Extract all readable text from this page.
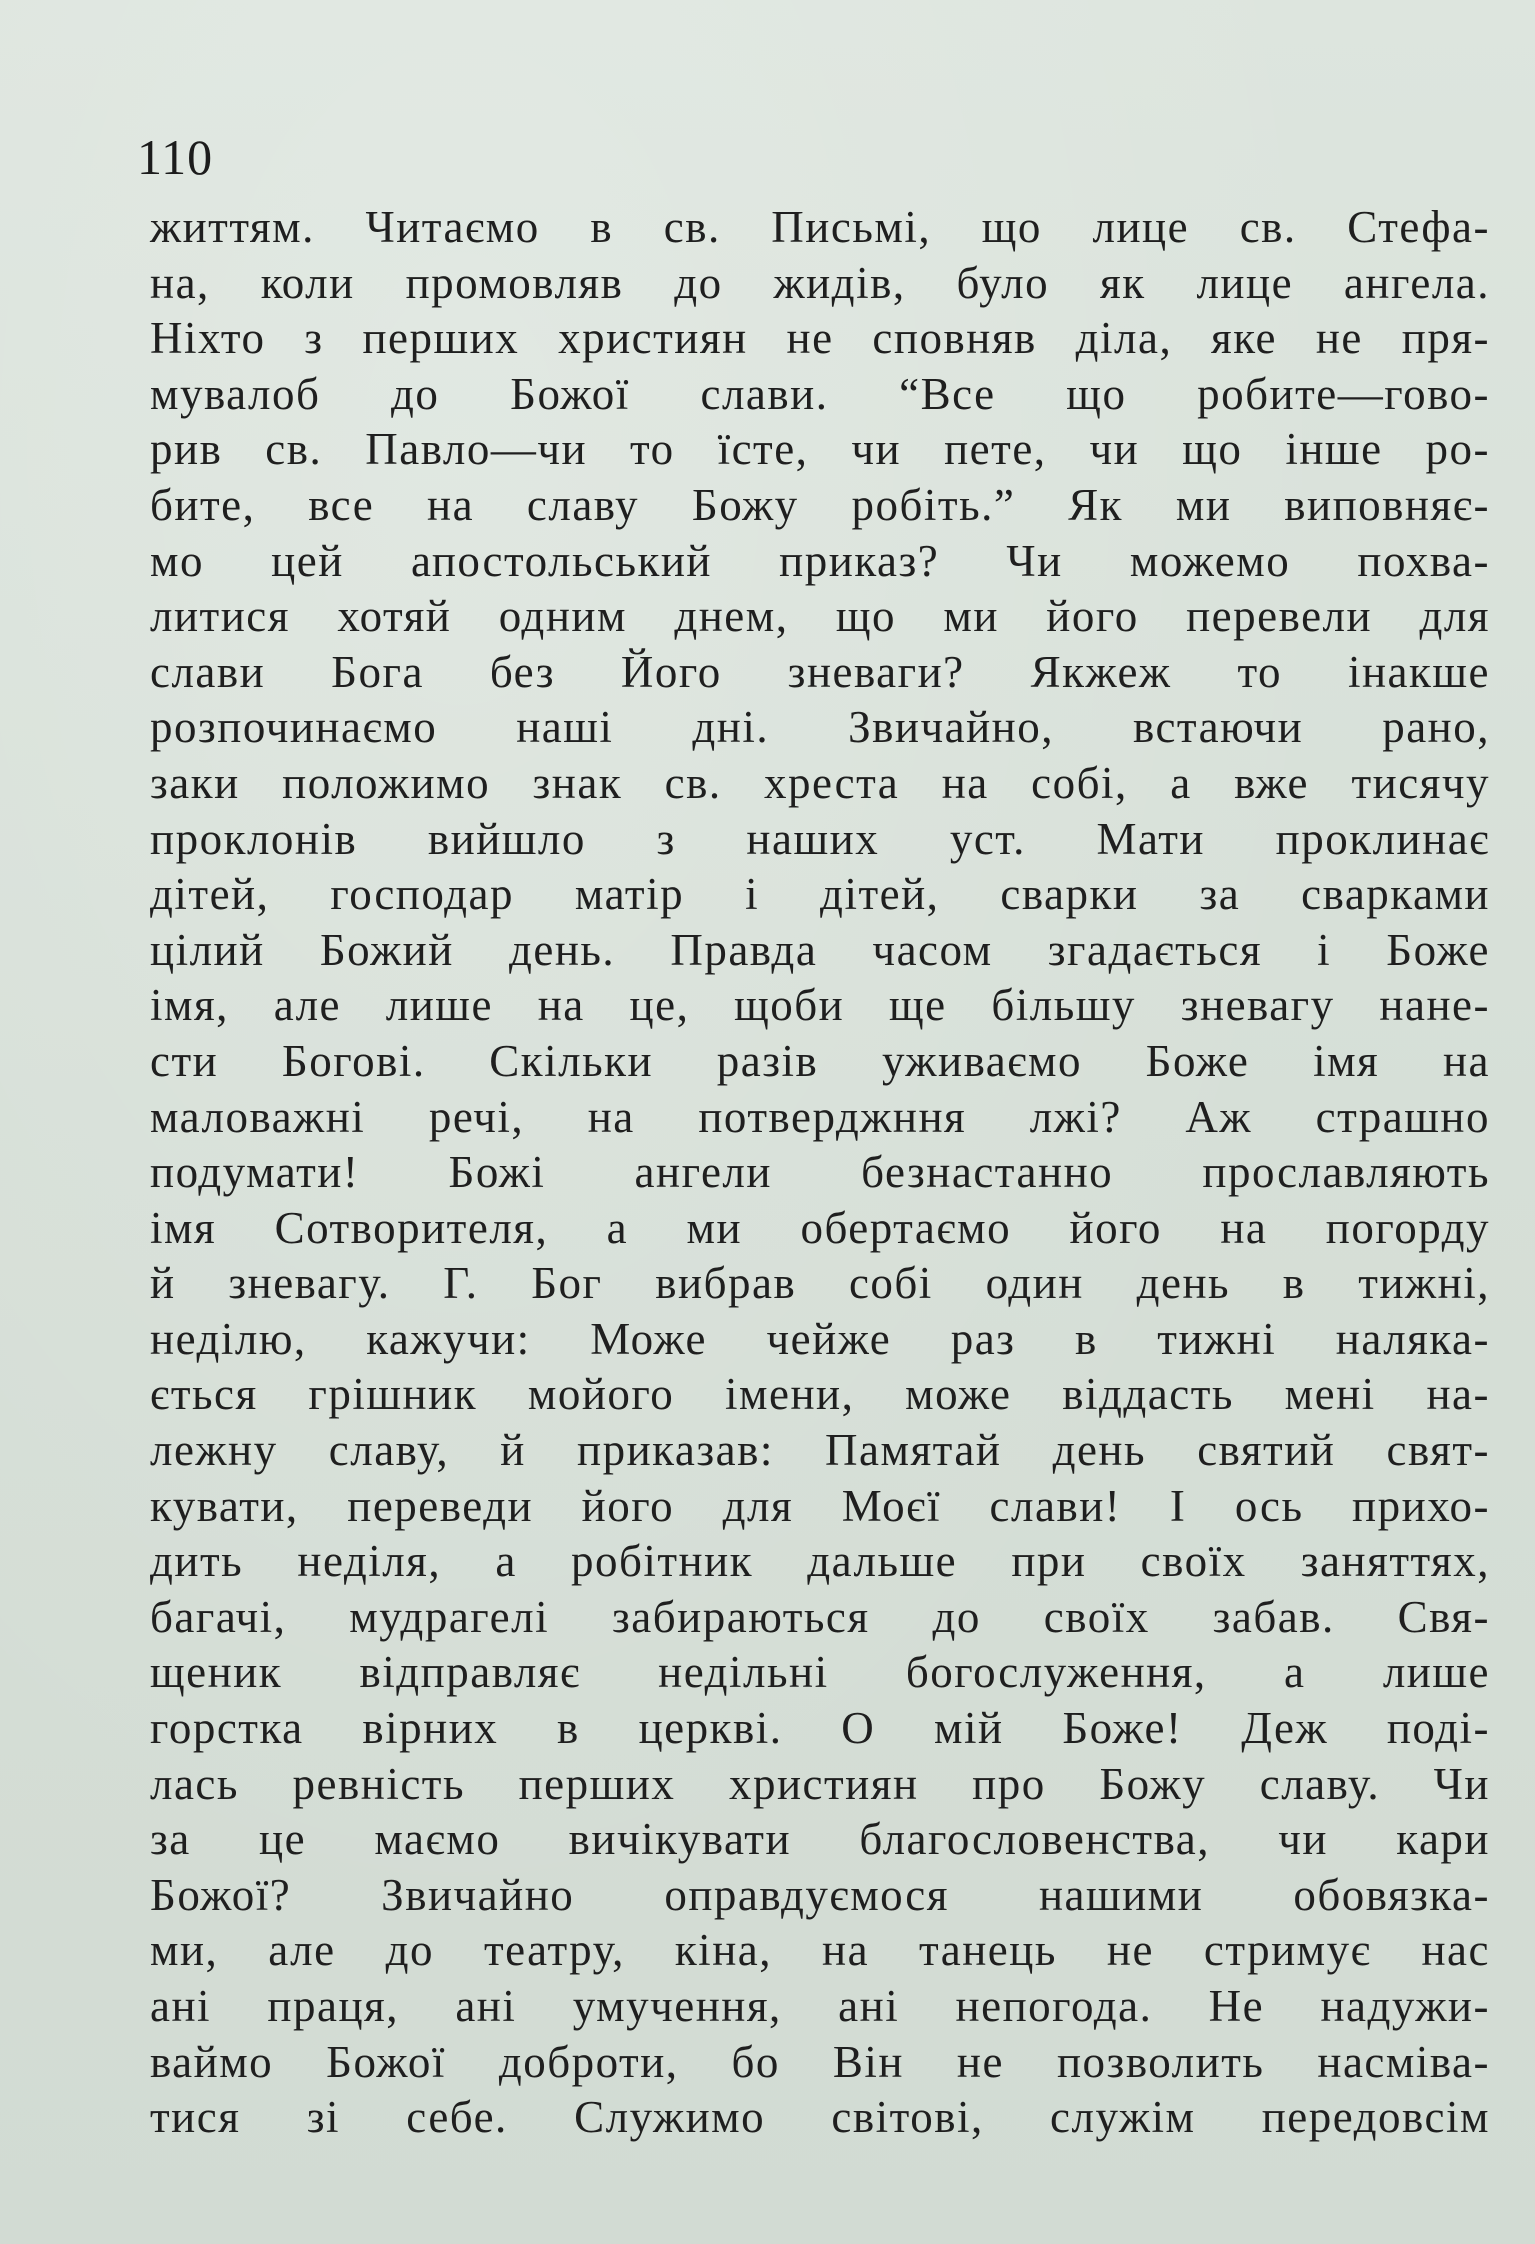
110
життям. Читаємо в св. Письмі, що лице св. Стефа-
на, коли промовляв до жидів, було як лице ангела.
Ніхто з перших християн не сповняв діла, яке не пря-
мувалоб до Божої слави. “Все що робите—гово-
рив св. Павло—чи то їсте, чи пете, чи що інше ро-
бите, все на славу Божу робіть.” Як ми виповняє-
мо цей апостольський приказ? Чи можемо похва-
литися хотяй одним днем, що ми його перевели для
слави Бога без Його зневаги? Якжеж то інакше
розпочинаємо наші дні. Звичайно, встаючи рано,
заки положимо знак св. хреста на собі, а вже тисячу
проклонів вийшло з наших уст. Мати проклинає
дітей, господар матір і дітей, сварки за сварками
цілий Божий день. Правда часом згадається і Боже
імя, але лише на це, щоби ще більшу зневагу нане-
сти Богові. Скільки разів уживаємо Боже імя на
маловажні речі, на потверджння лжі? Аж страшно
подумати! Божі ангели безнастанно прославляють
імя Сотворителя, а ми обертаємо його на погорду
й зневагу. Г. Бог вибрав собі один день в тижні,
неділю, кажучи: Може чейже раз в тижні наляка-
ється грішник мойого імени, може віддасть мені на-
лежну славу, й приказав: Памятай день святий свят-
кувати, переведи його для Моєї слави! І ось прихо-
дить неділя, а робітник дальше при своїх заняттях,
багачі, мудрагелі забираються до своїх забав. Свя-
щеник відправляє недільні богослуження, а лише
горстка вірних в церкві. О мій Боже! Деж поді-
лась ревність перших християн про Божу славу. Чи
за це маємо вичікувати благословенства, чи кари
Божої? Звичайно оправдуємося нашими обовязка-
ми, але до театру, кіна, на танець не стримує нас
ані праця, ані умучення, ані непогода. Не надужи-
ваймо Божої доброти, бо Він не позволить насміва-
тися зі себе. Служимо світові, служім передовсім
